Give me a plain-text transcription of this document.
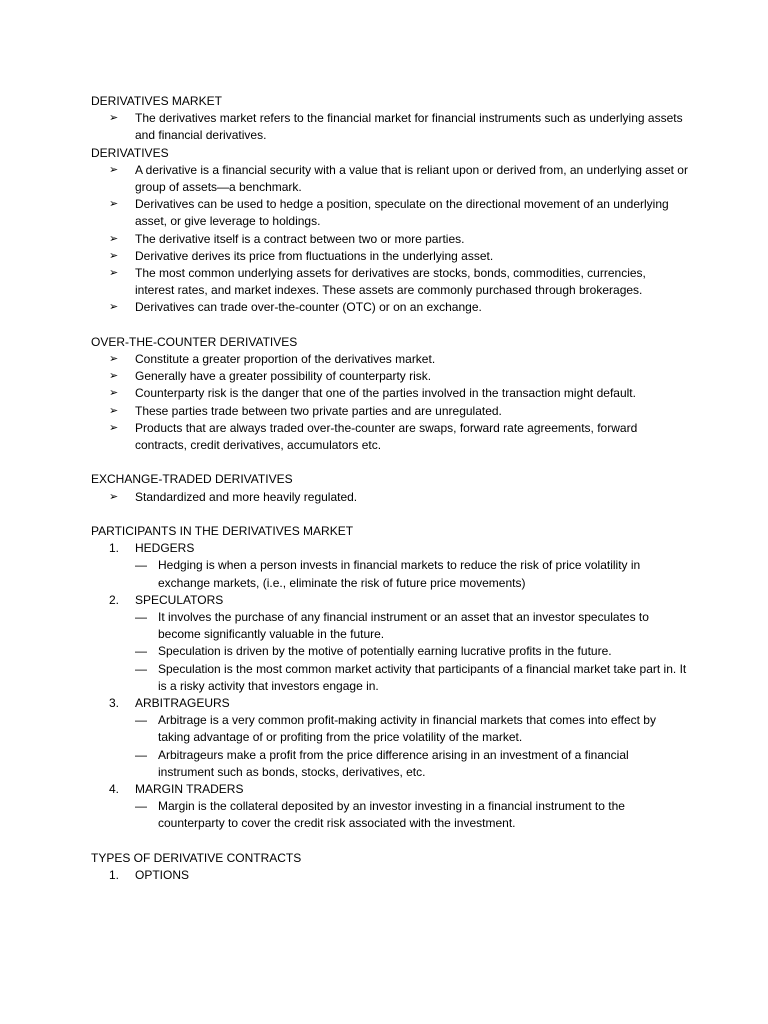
DERIVATIVES MARKET

➢ The derivatives market refers to the financial market for financial instruments such as underlying assets and financial derivatives.

DERIVATIVES

➢ A derivative is a financial security with a value that is reliant upon or derived from, an underlying asset or group of assets—a benchmark.
➢ Derivatives can be used to hedge a position, speculate on the directional movement of an underlying asset, or give leverage to holdings.
➢ The derivative itself is a contract between two or more parties.
➢ Derivative derives its price from fluctuations in the underlying asset.
➢ The most common underlying assets for derivatives are stocks, bonds, commodities, currencies, interest rates, and market indexes. These assets are commonly purchased through brokerages.
➢ Derivatives can trade over-the-counter (OTC) or on an exchange.

OVER-THE-COUNTER DERIVATIVES

➢ Constitute a greater proportion of the derivatives market.
➢ Generally have a greater possibility of counterparty risk.
➢ Counterparty risk is the danger that one of the parties involved in the transaction might default.
➢ These parties trade between two private parties and are unregulated.
➢ Products that are always traded over-the-counter are swaps, forward rate agreements, forward contracts, credit derivatives, accumulators etc.

EXCHANGE-TRADED DERIVATIVES

➢ Standardized and more heavily regulated.

PARTICIPANTS IN THE DERIVATIVES MARKET

1. HEDGERS
— Hedging is when a person invests in financial markets to reduce the risk of price volatility in exchange markets, (i.e., eliminate the risk of future price movements)
2. SPECULATORS
— It involves the purchase of any financial instrument or an asset that an investor speculates to become significantly valuable in the future.
— Speculation is driven by the motive of potentially earning lucrative profits in the future.
— Speculation is the most common market activity that participants of a financial market take part in. It is a risky activity that investors engage in.
3. ARBITRAGEURS
— Arbitrage is a very common profit-making activity in financial markets that comes into effect by taking advantage of or profiting from the price volatility of the market.
— Arbitrageurs make a profit from the price difference arising in an investment of a financial instrument such as bonds, stocks, derivatives, etc.
4. MARGIN TRADERS
— Margin is the collateral deposited by an investor investing in a financial instrument to the counterparty to cover the credit risk associated with the investment.

TYPES OF DERIVATIVE CONTRACTS

1. OPTIONS
